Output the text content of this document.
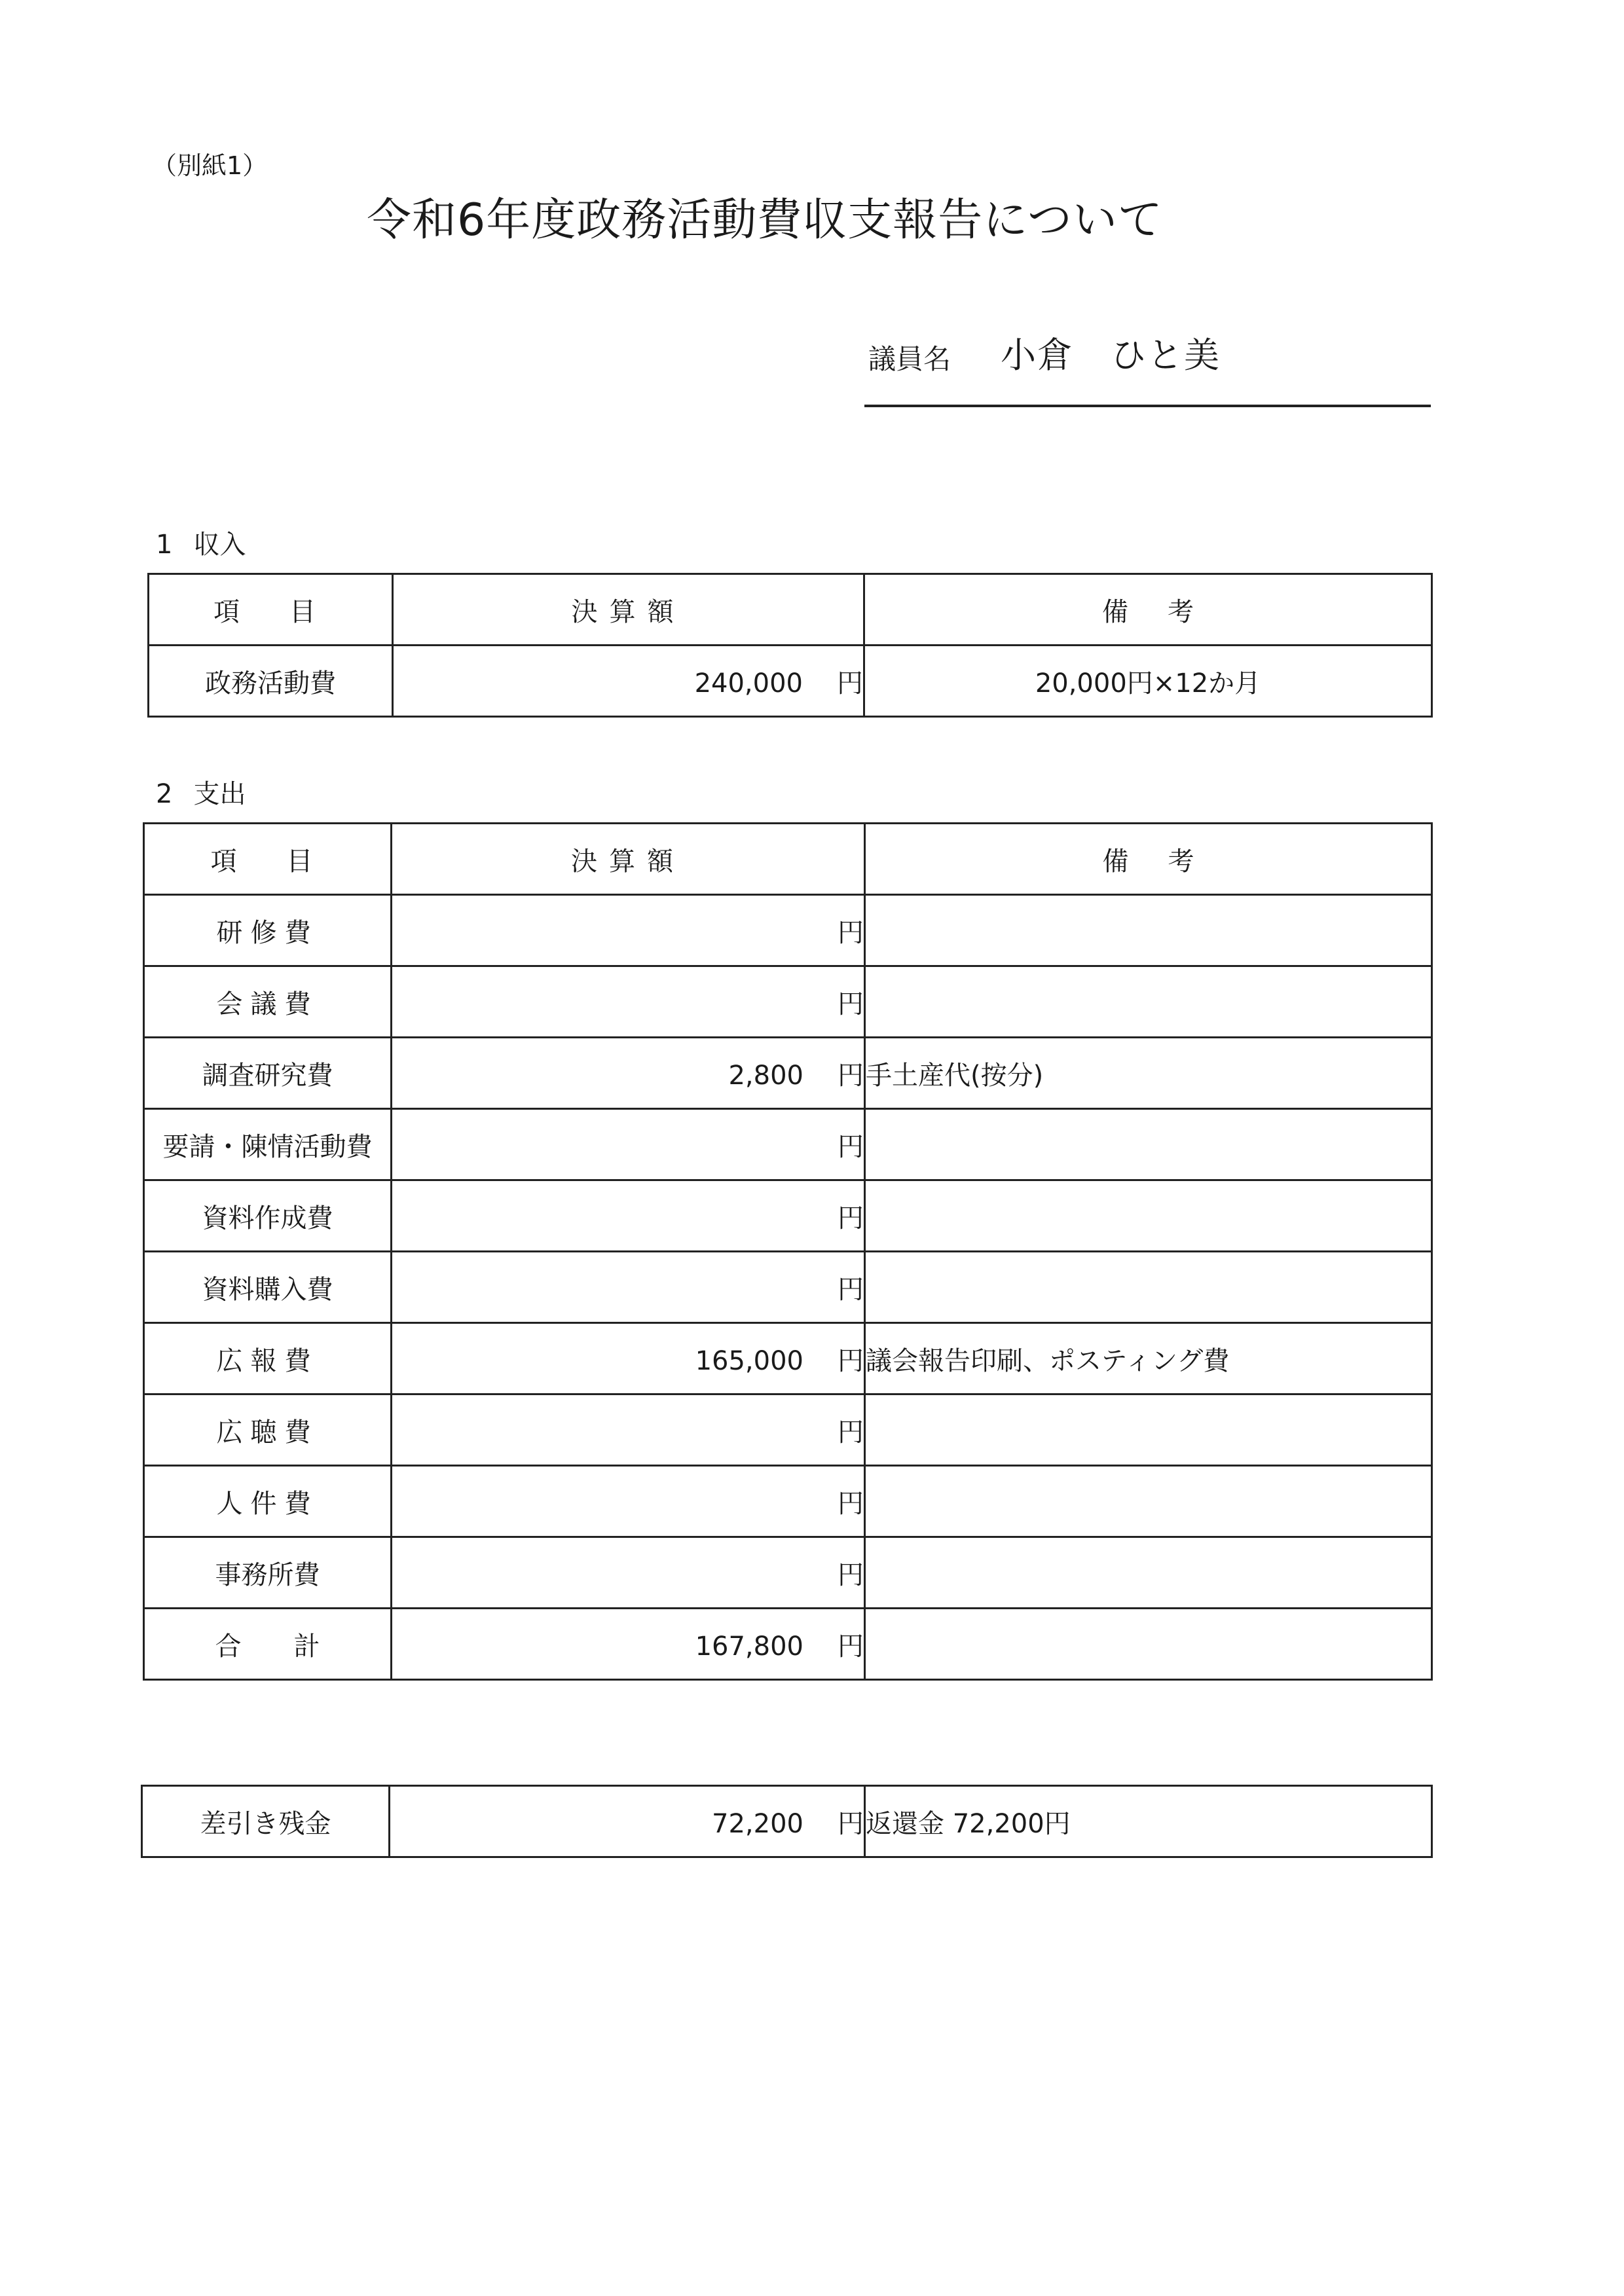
（別紙1）
令和6年度政務活動費収支報告について
議員名 小倉　ひと美
1 収入
項　目	決算額	備考
政務活動費	240,000 円	20,000円×12か月
2 支出
項　目	決算額	備考
研修費	円	
会議費	円	
調査研究費	2,800 円	手土産代(按分)
要請・陳情活動費	円	
資料作成費	円	
資料購入費	円	
広報費	165,000 円	議会報告印刷、ポスティング費
広聴費	円	
人件費	円	
事務所費	円	
合　　計	167,800 円	
差引き残金	72,200 円	返還金 72,200円
